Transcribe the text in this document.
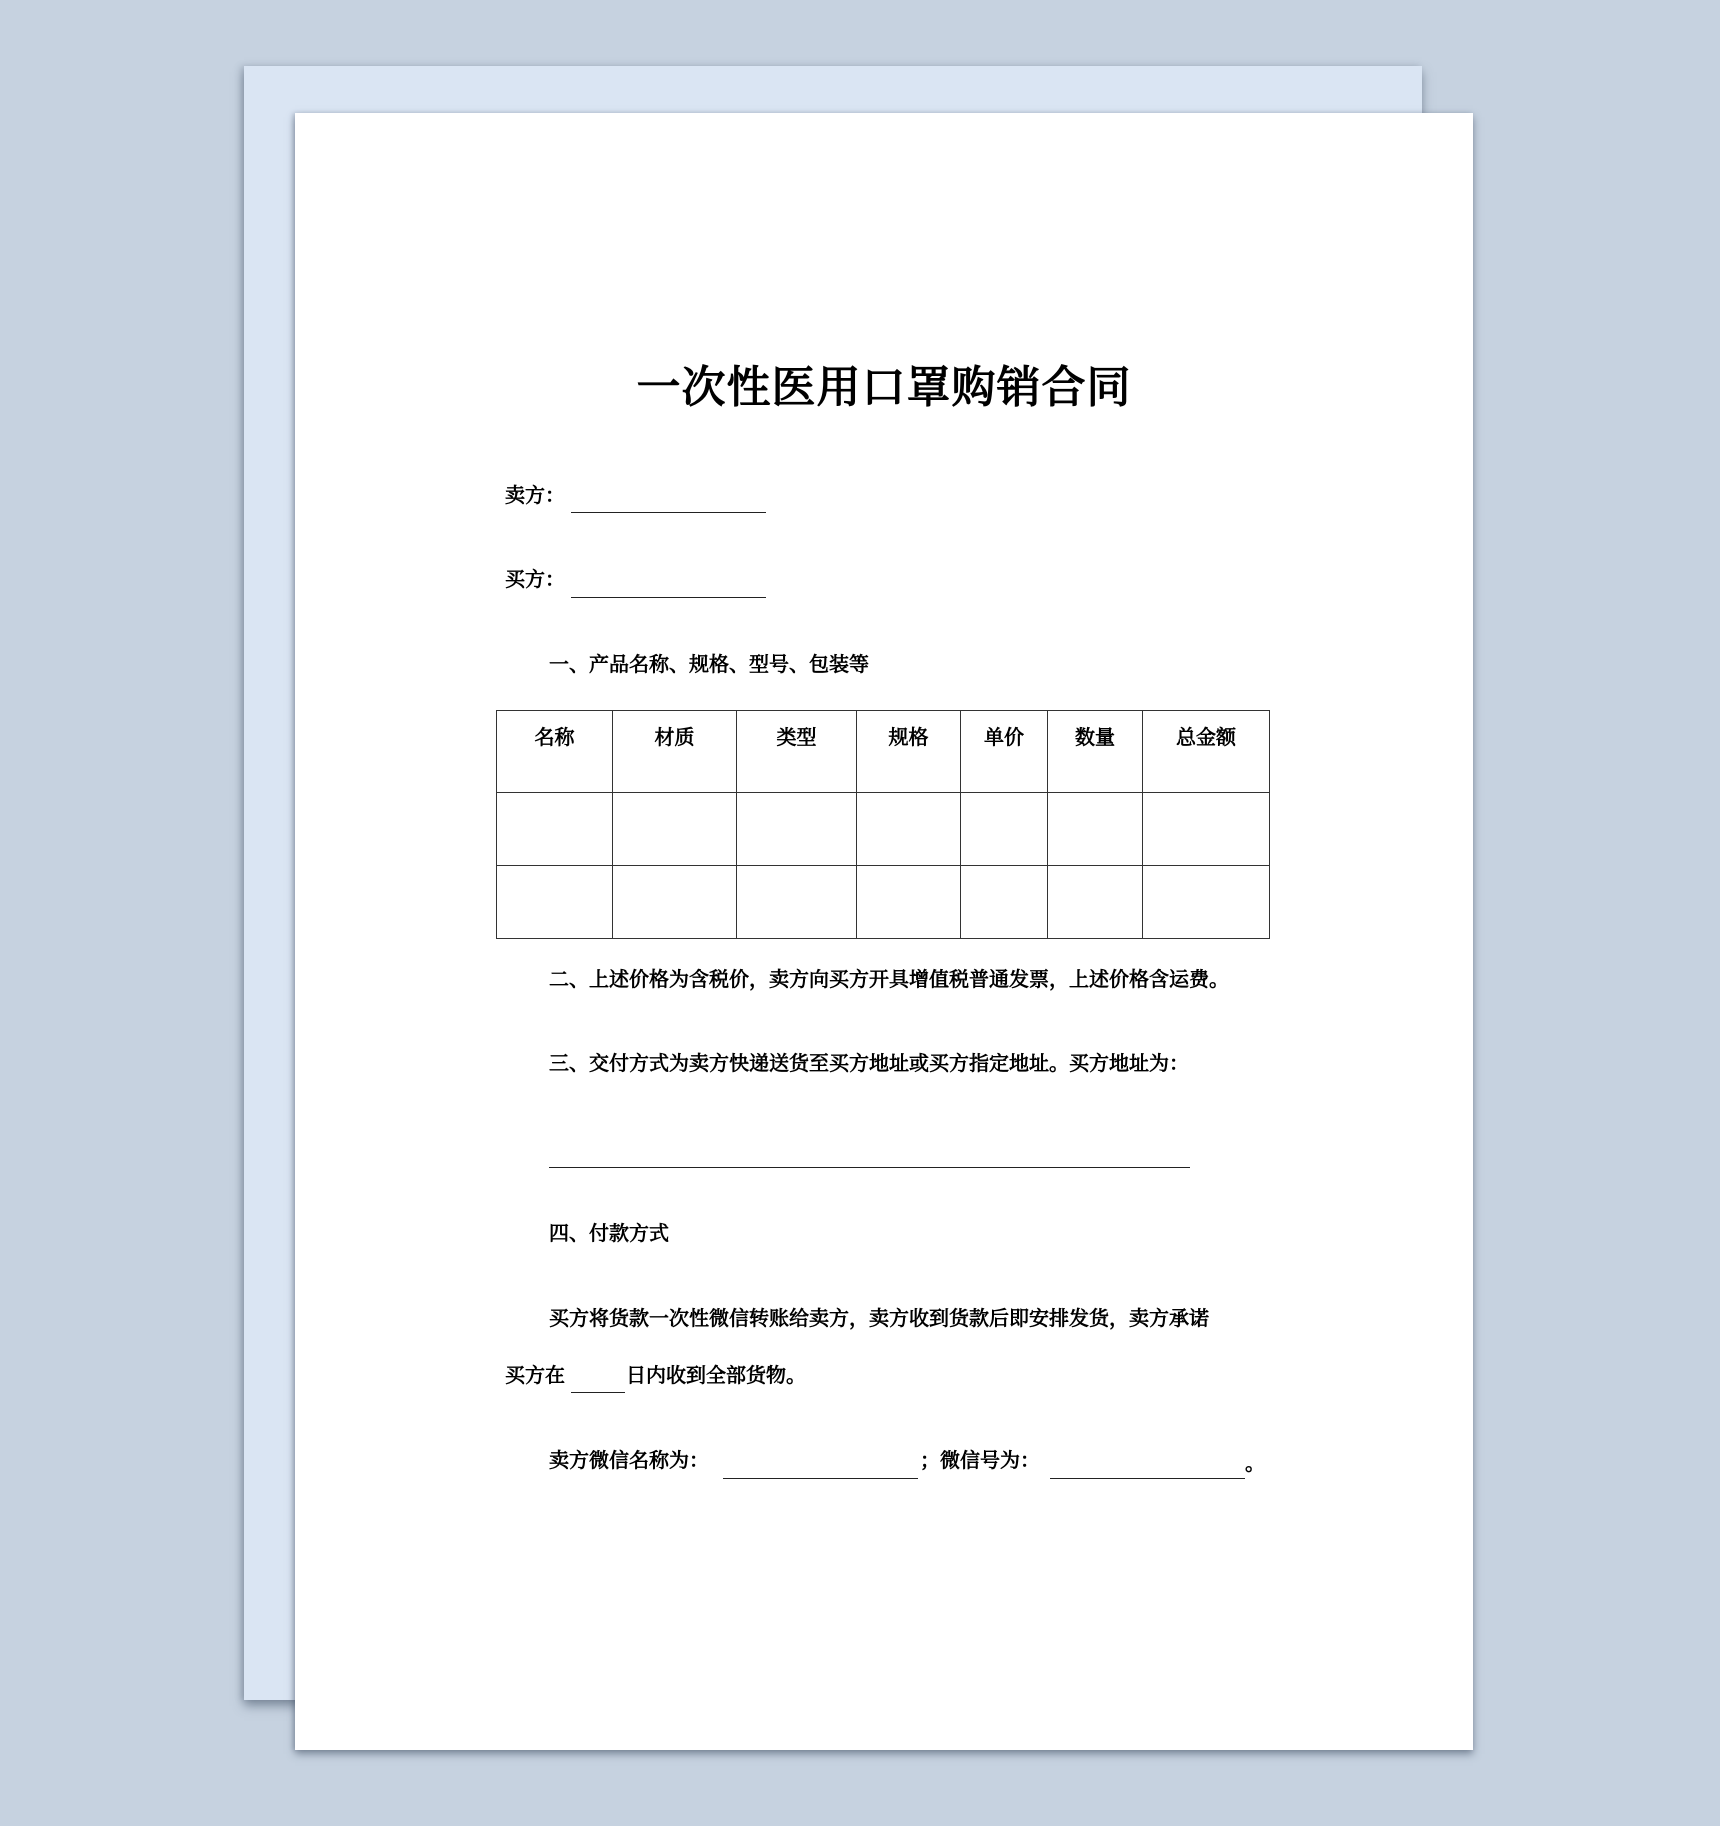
一次性医用口罩购销合同
卖方：
买方：
一、产品名称、规格、型号、包装等
名称	材质	类型	规格	单价	数量	总金额

二、上述价格为含税价，卖方向买方开具增值税普通发票，上述价格含运费。
三、交付方式为卖方快递送货至买方地址或买方指定地址。买方地址为：
四、付款方式
买方将货款一次性微信转账给卖方，卖方收到货款后即安排发货，卖方承诺
买方在	日内收到全部货物。
卖方微信名称为：	； 微信号为：	。
